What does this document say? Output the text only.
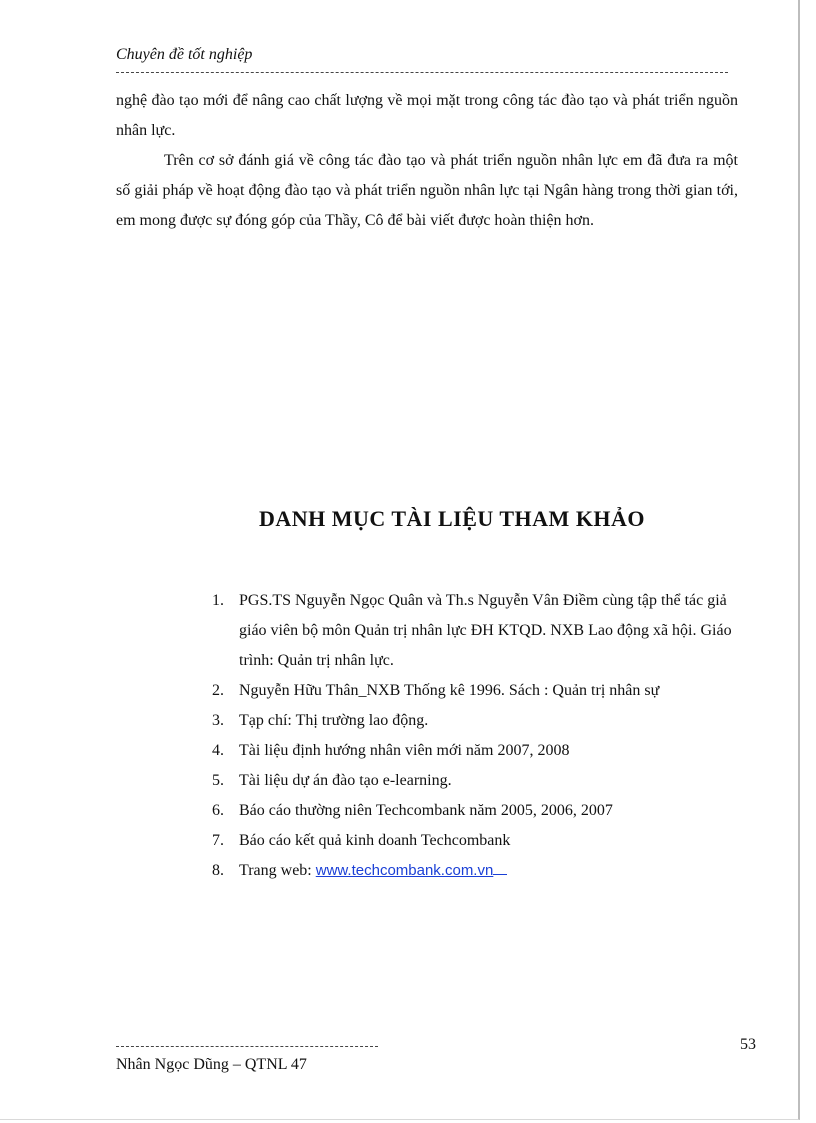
Chuyên đề tốt nghiệp

nghệ đào tạo mới để nâng cao chất lượng về mọi mặt trong công tác đào tạo và phát triển nguồn nhân lực.

Trên cơ sở đánh giá về công tác đào tạo và phát triển nguồn nhân lực em đã đưa ra một số giải pháp về hoạt động đào tạo và phát triển nguồn nhân lực tại Ngân hàng trong thời gian tới, em mong được sự đóng góp của Thầy, Cô để bài viết được hoàn thiện hơn.

DANH MỤC TÀI LIỆU THAM KHẢO
1. PGS.TS Nguyễn Ngọc Quân và Th.s Nguyễn Vân Điềm cùng tập thể tác giả giáo viên bộ môn Quản trị nhân lực ĐH KTQD. NXB Lao động xã hội. Giáo trình: Quản trị nhân lực.
2. Nguyễn Hữu Thân_NXB Thống kê 1996. Sách : Quản trị nhân sự
3. Tạp chí: Thị trường lao động.
4. Tài liệu định hướng nhân viên mới năm 2007, 2008
5. Tài liệu dự án đào tạo e-learning.
6. Báo cáo thường niên Techcombank năm 2005, 2006, 2007
7. Báo cáo kết quả kinh doanh Techcombank
8. Trang web: www.techcombank.com.vn
53
Nhân Ngọc Dũng – QTNL 47
